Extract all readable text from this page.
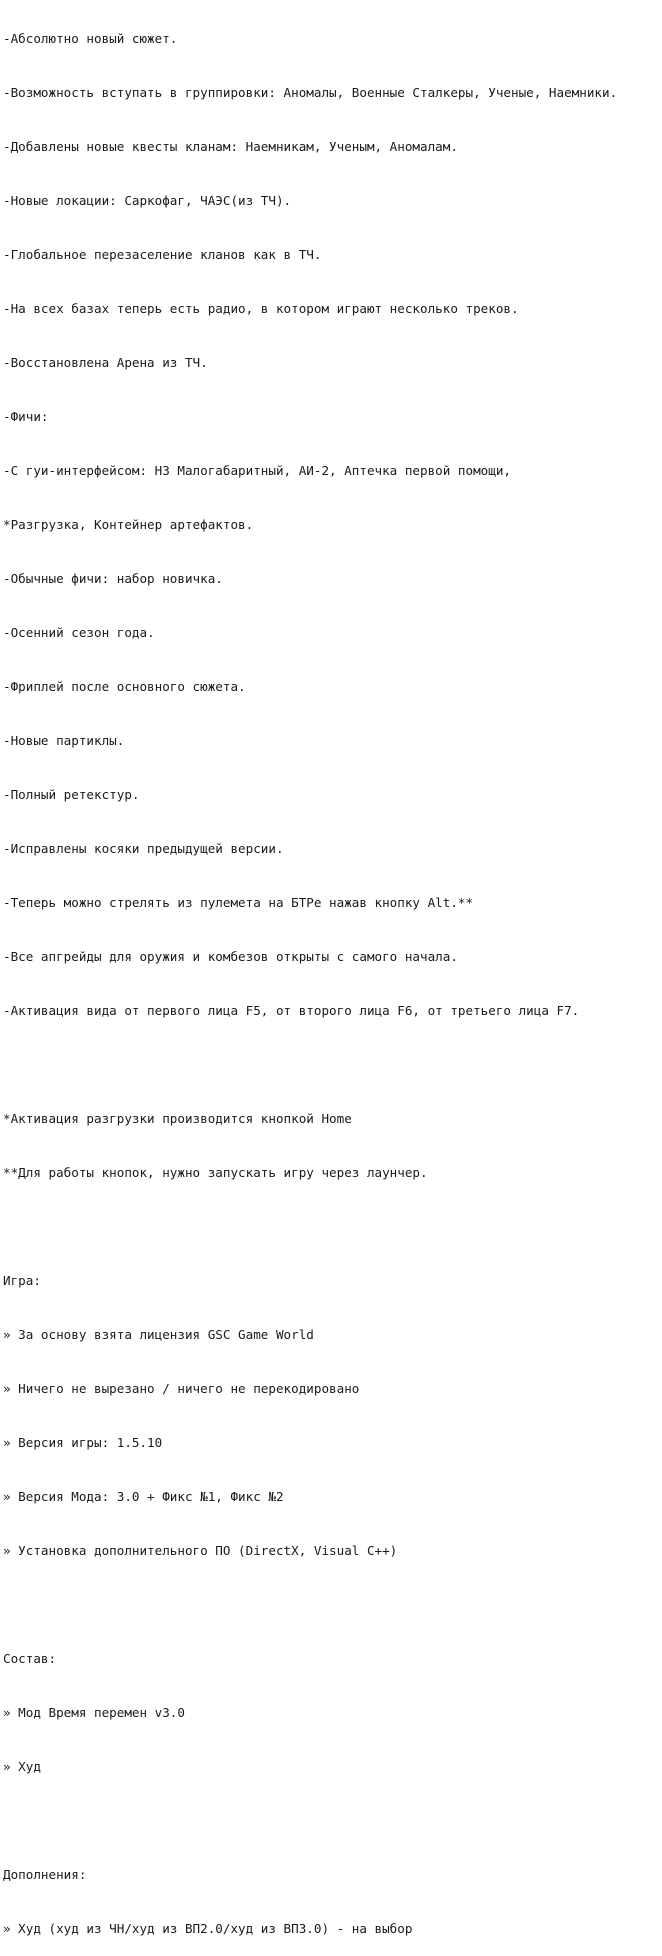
-Абсолютно новый сюжет.

-Возможность вступать в группировки: Аномалы, Военные Сталкеры, Ученые, Наемники.

-Добавлены новые квесты кланам: Наемникам, Ученым, Аномалам.

-Новые локации: Саркофаг, ЧАЭС(из ТЧ).

-Глобальное перезаселение кланов как в ТЧ.

-На всех базах теперь есть радио, в котором играют несколько треков.

-Восстановлена Арена из ТЧ.

-Фичи:

-С гуи-интерфейсом: НЗ Малогабаритный, АИ-2, Аптечка первой помощи,

*Разгрузка, Контейнер артефактов.

-Обычные фичи: набор новичка.

-Осенний сезон года.

-Фриплей после основного сюжета.

-Новые партиклы.

-Полный ретекстур.

-Исправлены косяки предыдущей версии.

-Теперь можно стрелять из пулемета на БТРе нажав кнопку Alt.**

-Все апгрейды для оружия и комбезов открыты с самого начала.

-Активация вида от первого лица F5, от второго лица F6, от третьего лица F7.

*Активация разгрузки производится кнопкой Home

**Для работы кнопок, нужно запускать игру через лаунчер.

Игра:

» За основу взята лицензия GSC Game World

» Ничего не вырезано / ничего не перекодировано

» Версия игры: 1.5.10

» Версия Мода: 3.0 + Фикс №1, Фикс №2

» Установка дополнительного ПО (DirectX, Visual C++)

Состав:

» Мод Время перемен v3.0

» Худ

Дополнения:

» Худ (худ из ЧН/худ из ВП2.0/худ из ВП3.0) - на выбор
